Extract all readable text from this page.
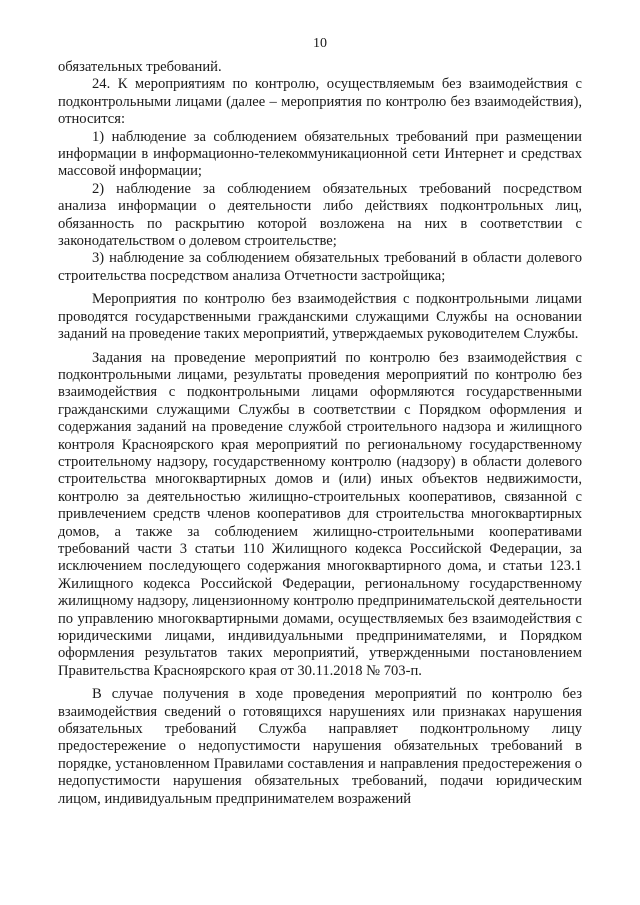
10

обязательных требований.

24. К мероприятиям по контролю, осуществляемым без взаимодействия с подконтрольными лицами (далее – мероприятия по контролю без взаимодействия), относится:

1) наблюдение за соблюдением обязательных требований при размещении информации в информационно-телекоммуникационной сети Интернет и средствах массовой информации;

2) наблюдение за соблюдением обязательных требований посредством анализа информации о деятельности либо действиях подконтрольных лиц, обязанность по раскрытию которой возложена на них в соответствии с законодательством о долевом строительстве;

3) наблюдение за соблюдением обязательных требований в области долевого строительства посредством анализа Отчетности застройщика;

Мероприятия по контролю без взаимодействия с подконтрольными лицами проводятся государственными гражданскими служащими Службы на основании заданий на проведение таких мероприятий, утверждаемых руководителем Службы.

Задания на проведение мероприятий по контролю без взаимодействия с подконтрольными лицами, результаты проведения мероприятий по контролю без взаимодействия с подконтрольными лицами оформляются государственными гражданскими служащими Службы в соответствии с Порядком оформления и содержания заданий на проведение службой строительного надзора и жилищного контроля Красноярского края мероприятий по региональному государственному строительному надзору, государственному контролю (надзору) в области долевого строительства многоквартирных домов и (или) иных объектов недвижимости, контролю за деятельностью жилищно-строительных кооперативов, связанной с привлечением средств членов кооперативов для строительства многоквартирных домов, а также за соблюдением жилищно-строительными кооперативами требований части 3 статьи 110 Жилищного кодекса Российской Федерации, за исключением последующего содержания многоквартирного дома, и статьи 123.1 Жилищного кодекса Российской Федерации, региональному государственному жилищному надзору, лицензионному контролю предпринимательской деятельности по управлению многоквартирными домами, осуществляемых без взаимодействия с юридическими лицами, индивидуальными предпринимателями, и Порядком оформления результатов таких мероприятий, утвержденными постановлением Правительства Красноярского края от 30.11.2018 № 703-п.

В случае получения в ходе проведения мероприятий по контролю без взаимодействия сведений о готовящихся нарушениях или признаках нарушения обязательных требований Служба направляет подконтрольному лицу предостережение о недопустимости нарушения обязательных требований в порядке, установленном Правилами составления и направления предостережения о недопустимости нарушения обязательных требований, подачи юридическим лицом, индивидуальным предпринимателем возражений
